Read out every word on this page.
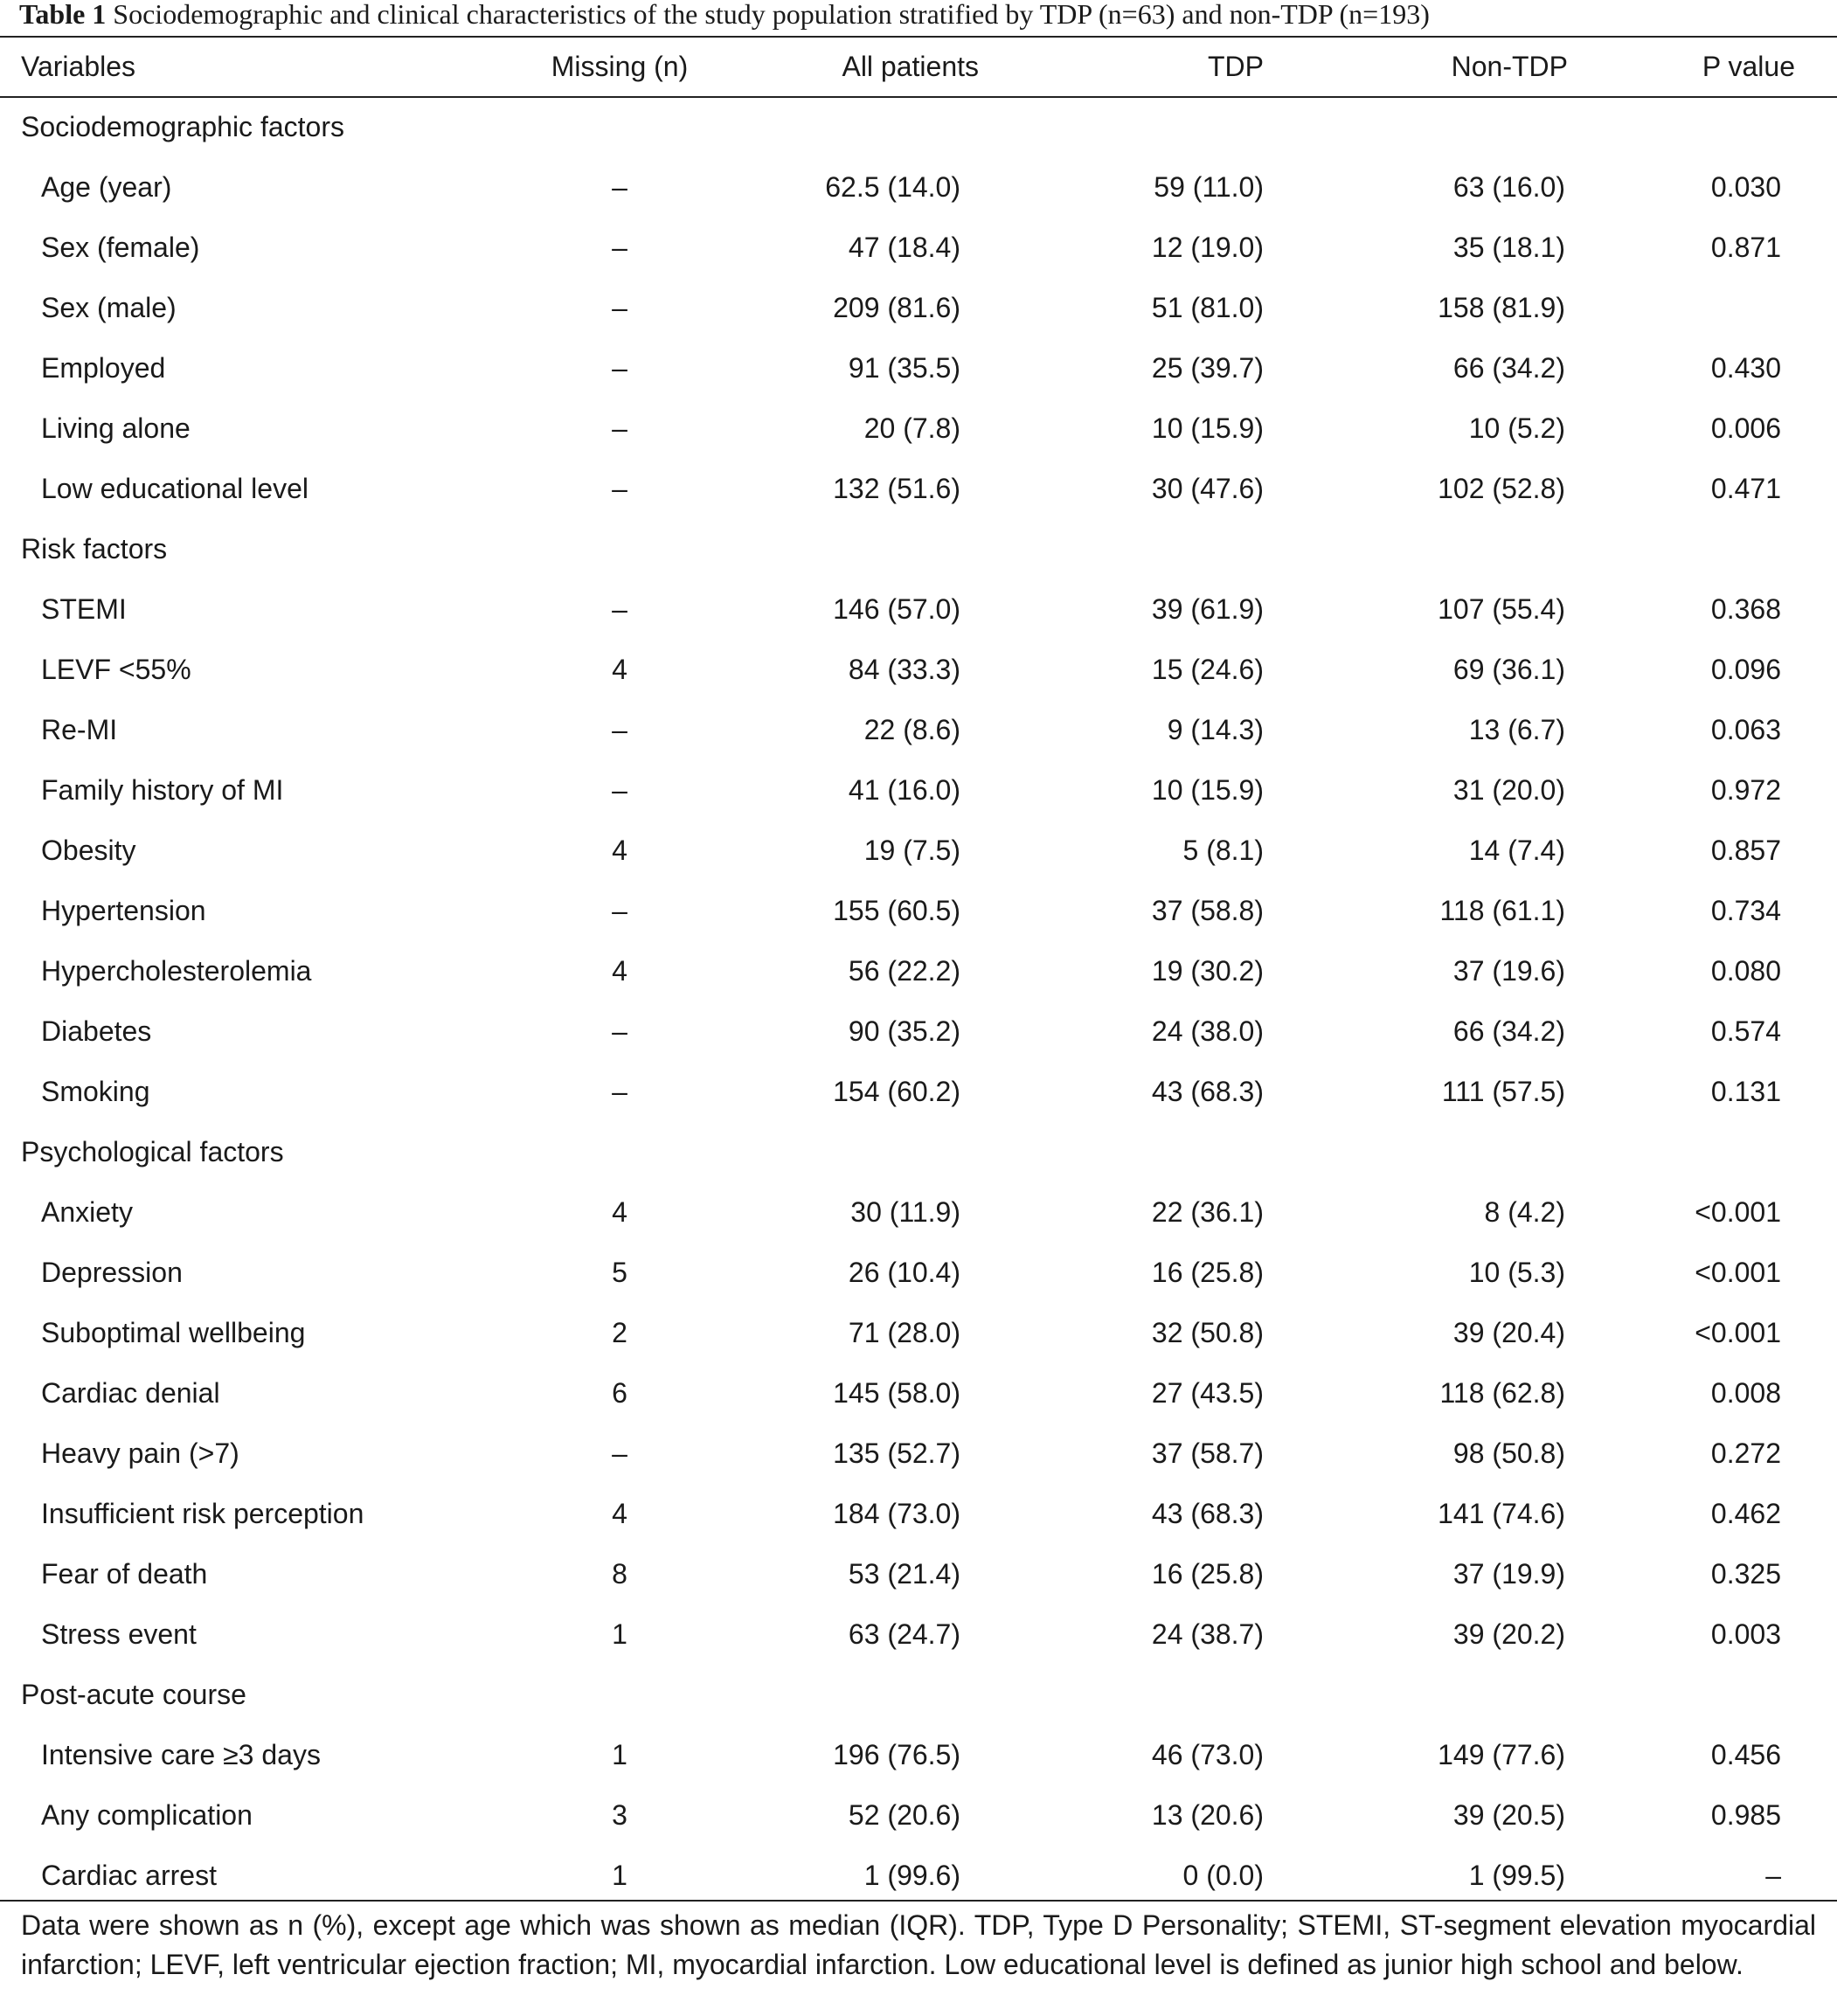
Table 1 Sociodemographic and clinical characteristics of the study population stratified by TDP (n=63) and non-TDP (n=193)
Variables	Missing (n)	All patients	TDP	Non-TDP	P value
Sociodemographic factors
Age (year)	–	62.5 (14.0)	59 (11.0)	63 (16.0)	0.030
Sex (female)	–	47 (18.4)	12 (19.0)	35 (18.1)	0.871
Sex (male)	–	209 (81.6)	51 (81.0)	158 (81.9)
Employed	–	91 (35.5)	25 (39.7)	66 (34.2)	0.430
Living alone	–	20 (7.8)	10 (15.9)	10 (5.2)	0.006
Low educational level	–	132 (51.6)	30 (47.6)	102 (52.8)	0.471
Risk factors
STEMI	–	146 (57.0)	39 (61.9)	107 (55.4)	0.368
LEVF <55%	4	84 (33.3)	15 (24.6)	69 (36.1)	0.096
Re-MI	–	22 (8.6)	9 (14.3)	13 (6.7)	0.063
Family history of MI	–	41 (16.0)	10 (15.9)	31 (20.0)	0.972
Obesity	4	19 (7.5)	5 (8.1)	14 (7.4)	0.857
Hypertension	–	155 (60.5)	37 (58.8)	118 (61.1)	0.734
Hypercholesterolemia	4	56 (22.2)	19 (30.2)	37 (19.6)	0.080
Diabetes	–	90 (35.2)	24 (38.0)	66 (34.2)	0.574
Smoking	–	154 (60.2)	43 (68.3)	111 (57.5)	0.131
Psychological factors
Anxiety	4	30 (11.9)	22 (36.1)	8 (4.2)	<0.001
Depression	5	26 (10.4)	16 (25.8)	10 (5.3)	<0.001
Suboptimal wellbeing	2	71 (28.0)	32 (50.8)	39 (20.4)	<0.001
Cardiac denial	6	145 (58.0)	27 (43.5)	118 (62.8)	0.008
Heavy pain (>7)	–	135 (52.7)	37 (58.7)	98 (50.8)	0.272
Insufficient risk perception	4	184 (73.0)	43 (68.3)	141 (74.6)	0.462
Fear of death	8	53 (21.4)	16 (25.8)	37 (19.9)	0.325
Stress event	1	63 (24.7)	24 (38.7)	39 (20.2)	0.003
Post-acute course
Intensive care ≥3 days	1	196 (76.5)	46 (73.0)	149 (77.6)	0.456
Any complication	3	52 (20.6)	13 (20.6)	39 (20.5)	0.985
Cardiac arrest	1	1 (99.6)	0 (0.0)	1 (99.5)	–
Data were shown as n (%), except age which was shown as median (IQR). TDP, Type D Personality; STEMI, ST-segment elevation myocardial infarction; LEVF, left ventricular ejection fraction; MI, myocardial infarction. Low educational level is defined as junior high school and below.
